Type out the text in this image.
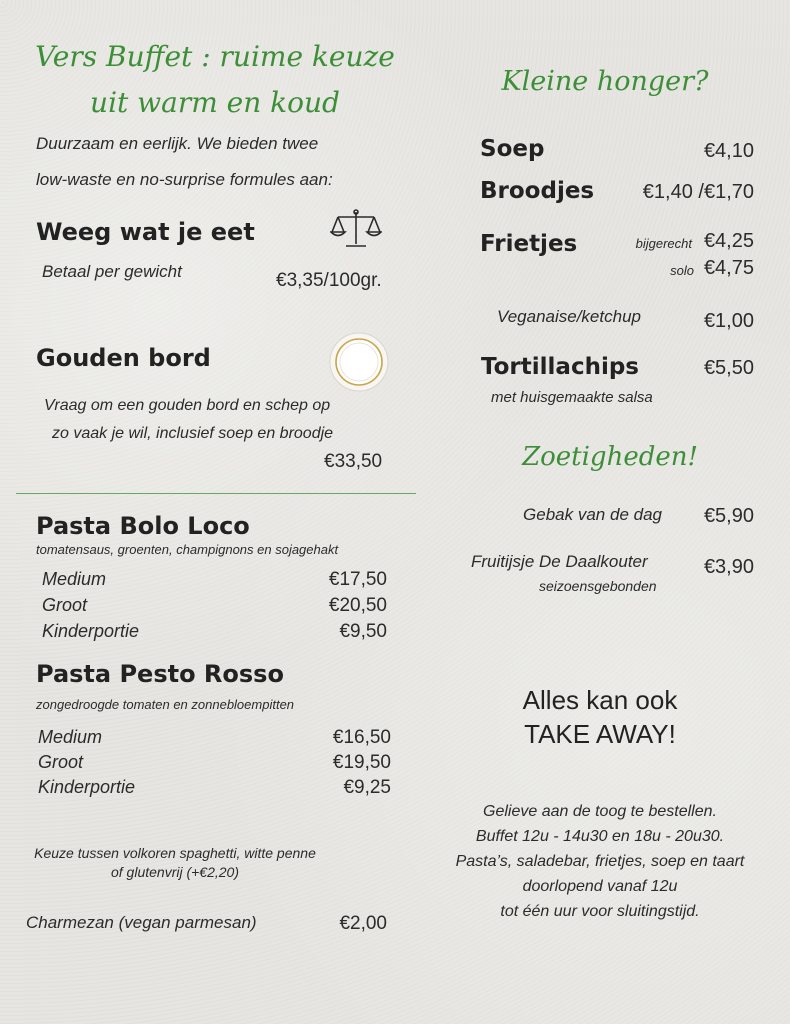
Vers Buffet : ruime keuze
uit warm en koud
Duurzaam en eerlijk. We bieden twee
low-waste en no-surprise formules aan:
Weeg wat je eet
Betaal per gewicht	€3,35/100gr.
Gouden bord
Vraag om een gouden bord en schep op
zo vaak je wil, inclusief soep en broodje
€33,50
Pasta Bolo Loco
tomatensaus, groenten, champignons en sojagehakt
Medium	€17,50
Groot	€20,50
Kinderportie	€9,50
Pasta Pesto Rosso
zongedroogde tomaten en zonnebloempitten
Medium	€16,50
Groot	€19,50
Kinderportie	€9,25
Keuze tussen volkoren spaghetti, witte penne
of glutenvrij (+€2,20)
Charmezan (vegan parmesan)	€2,00
Kleine honger?
Soep	€4,10
Broodjes	€1,40 /€1,70
Frietjes	bijgerecht €4,25
solo €4,75
Veganaise/ketchup	€1,00
Tortillachips	€5,50
met huisgemaakte salsa
Zoetigheden!
Gebak van de dag	€5,90
Fruitijsje De Daalkouter	€3,90
seizoensgebonden
Alles kan ook
TAKE AWAY!
Gelieve aan de toog te bestellen.
Buffet 12u - 14u30 en 18u - 20u30.
Pasta’s, saladebar, frietjes, soep en taart
doorlopend vanaf 12u
tot één uur voor sluitingstijd.
